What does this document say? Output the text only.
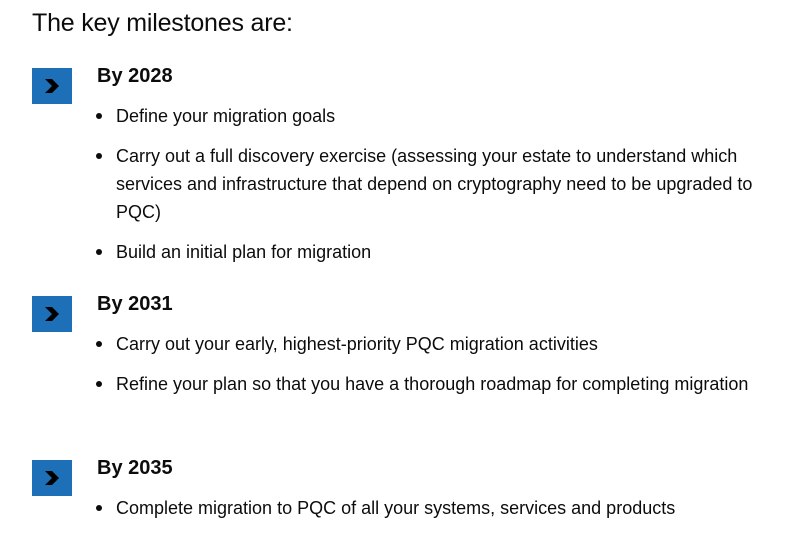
The key milestones are:
By 2028
Define your migration goals
Carry out a full discovery exercise (assessing your estate to understand which services and infrastructure that depend on cryptography need to be upgraded to PQC)
Build an initial plan for migration
By 2031
Carry out your early, highest-priority PQC migration activities
Refine your plan so that you have a thorough roadmap for completing migration
By 2035
Complete migration to PQC of all your systems, services and products
